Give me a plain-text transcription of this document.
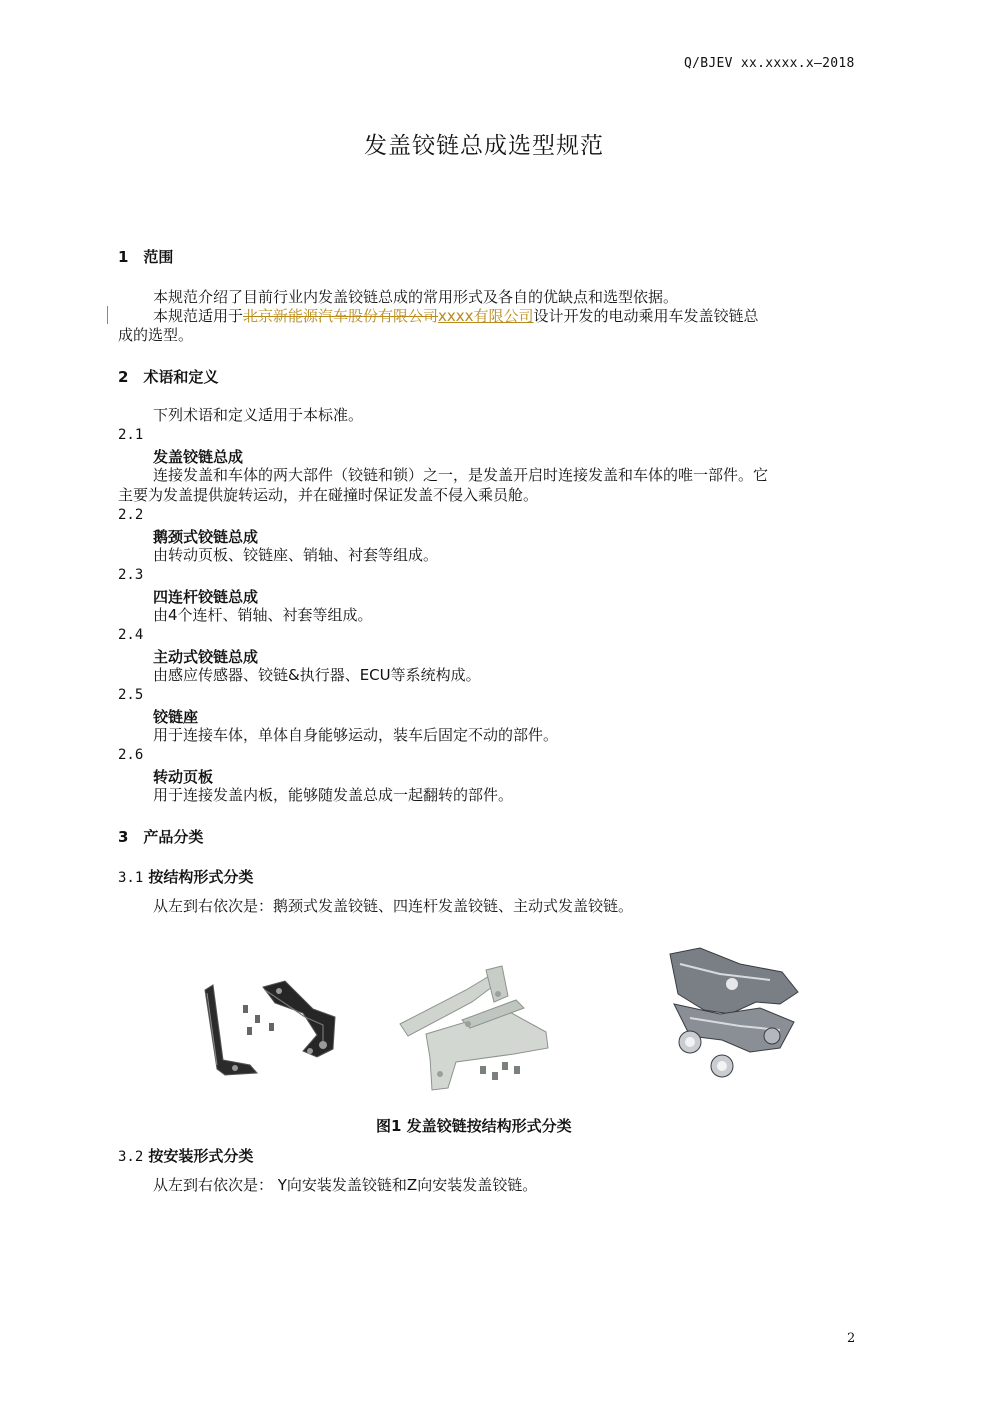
Q/BJEV xx.xxxx.x—2018
发盖铰链总成选型规范
1　范围
本规范介绍了目前行业内发盖铰链总成的常用形式及各自的优缺点和选型依据。
本规范适用于北京新能源汽车股份有限公司xxxx有限公司设计开发的电动乘用车发盖铰链总
成的选型。
2　术语和定义
下列术语和定义适用于本标准。
2.1
发盖铰链总成
连接发盖和车体的两大部件（铰链和锁）之一，是发盖开启时连接发盖和车体的唯一部件。它
主要为发盖提供旋转运动，并在碰撞时保证发盖不侵入乘员舱。
2.2
鹅颈式铰链总成
由转动页板、铰链座、销轴、衬套等组成。
2.3
四连杆铰链总成
由4个连杆、销轴、衬套等组成。
2.4
主动式铰链总成
由感应传感器、铰链&执行器、ECU等系统构成。
2.5
铰链座
用于连接车体，单体自身能够运动，装车后固定不动的部件。
2.6
转动页板
用于连接发盖内板，能够随发盖总成一起翻转的部件。
3　产品分类
3.1 按结构形式分类
从左到右依次是：鹅颈式发盖铰链、四连杆发盖铰链、主动式发盖铰链。
图1 发盖铰链按结构形式分类
3.2 按安装形式分类
从左到右依次是： Y向安装发盖铰链和Z向安装发盖铰链。
2
